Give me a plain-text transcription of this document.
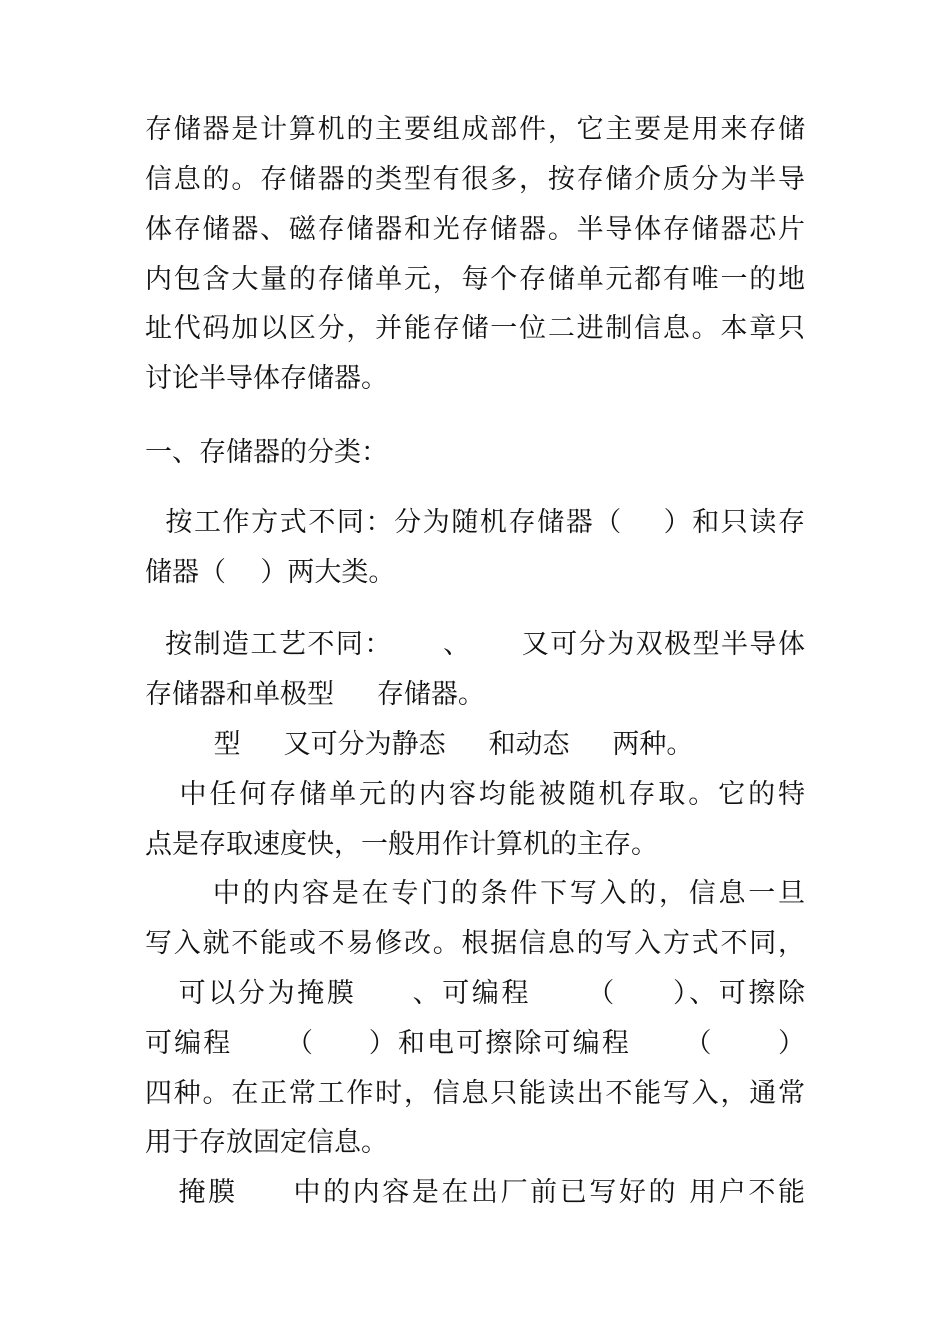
存储器是计算机的主要组成部件，它主要是用来存储
信息的。存储器的类型有很多，按存储介质分为半导
体存储器、磁存储器和光存储器。半导体存储器芯片
内包含大量的存储单元，每个存储单元都有唯一的地
址代码加以区分，并能存储一位二进制信息。本章只
讨论半导体存储器。
一、存储器的分类：
按工作方式不同：分为随机存储器（    ）和只读存
储器（    ）两大类。
按制造工艺不同：     、     又可分为双极型半导体
存储器和单极型     存储器。
型     又可分为静态     和动态     两种。
中任何存储单元的内容均能被随机存取。它的特
点是存取速度快，一般用作计算机的主存。
中的内容是在专门的条件下写入的，信息一旦
写入就不能或不易修改。根据信息的写入方式不同，
可以分为掩膜     、可编程     （     ）、可擦除
可编程     （     ）和电可擦除可编程     （      ）
四种。在正常工作时，信息只能读出不能写入，通常
用于存放固定信息。
掩膜     中的内容是在出厂前已写好的 用户不能
